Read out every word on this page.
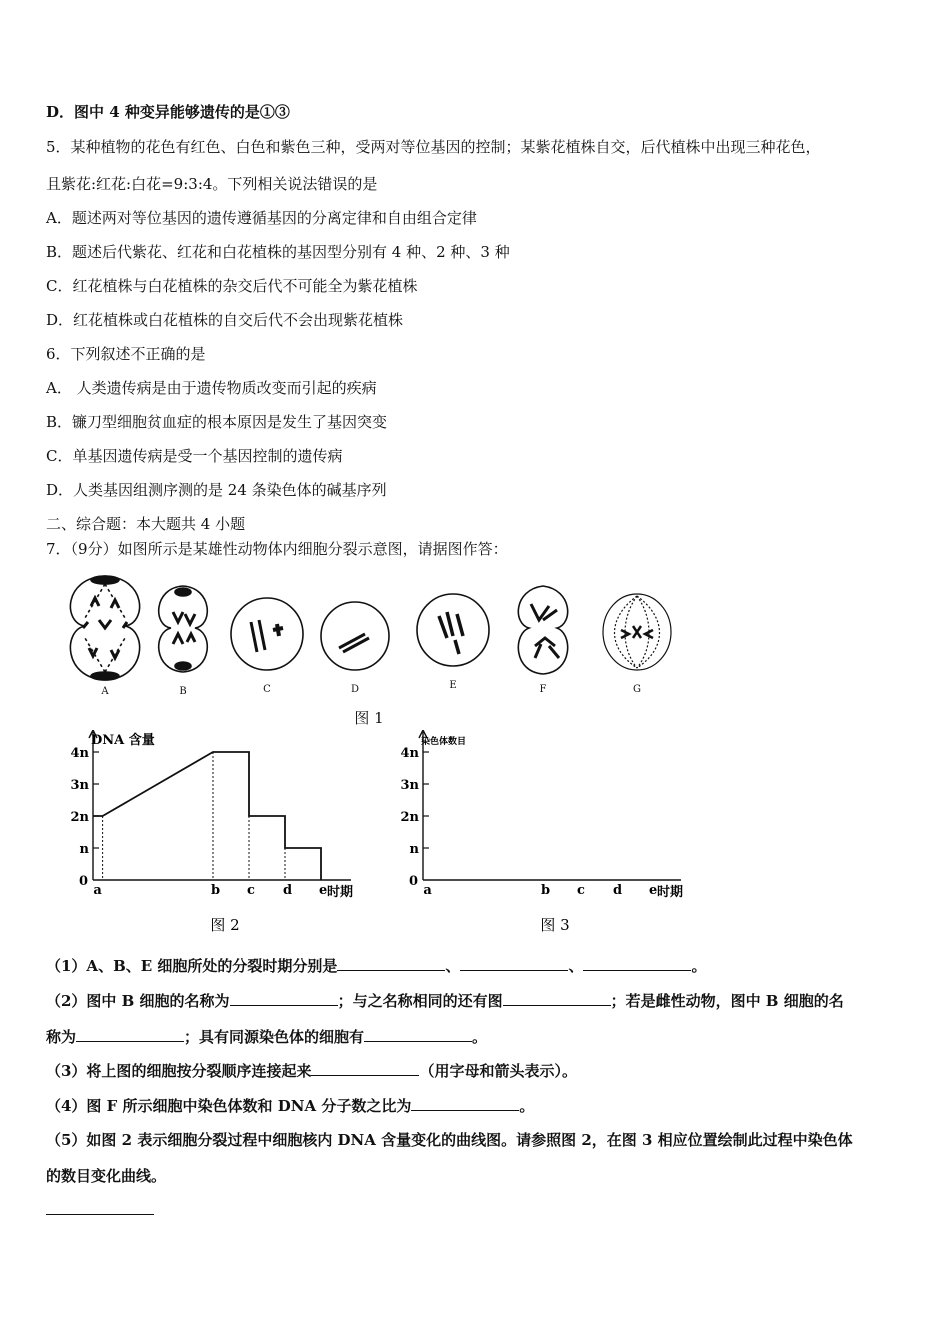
D．图中 4 种变异能够遗传的是①③
5．某种植物的花色有红色、白色和紫色三种，受两对等位基因的控制；某紫花植株自交，后代植株中出现三种花色，
且紫花:红花:白花=9:3:4。下列相关说法错误的是
A．题述两对等位基因的遗传遵循基因的分离定律和自由组合定律
B．题述后代紫花、红花和白花植株的基因型分别有 4 种、2 种、3 种
C．红花植株与白花植株的杂交后代不可能全为紫花植株
D．红花植株或白花植株的自交后代不会出现紫花植株
6．下列叙述不正确的是
A． 人类遗传病是由于遗传物质改变而引起的疾病
B．镰刀型细胞贫血症的根本原因是发生了基因突变
C．单基因遗传病是受一个基因控制的遗传病
D．人类基因组测序测的是 24 条染色体的碱基序列
二、综合题：本大题共 4 小题
7．（9分）如图所示是某雄性动物体内细胞分裂示意图，请据图作答：
A	B	C	D	E	F	G
图 1
DNA 含量
n
2n
3n
4n
0
a	b c d e 时期
图 2
染色体数目
n
2n
3n
4n
0
a	b c d e 时期
图 3
（1）A、B、E 细胞所处的分裂时期分别是	、	、	。
（2）图中 B 细胞的名称为	；与之名称相同的还有图	；若是雌性动物，图中 B 细胞的名
称为	；具有同源染色体的细胞有	。
（3）将上图的细胞按分裂顺序连接起来	（用字母和箭头表示）。
（4）图 F 所示细胞中染色体数和 DNA 分子数之比为	。
（5）如图 2 表示细胞分裂过程中细胞核内 DNA 含量变化的曲线图。请参照图 2，在图 3 相应位置绘制此过程中染色体
的数目变化曲线。
